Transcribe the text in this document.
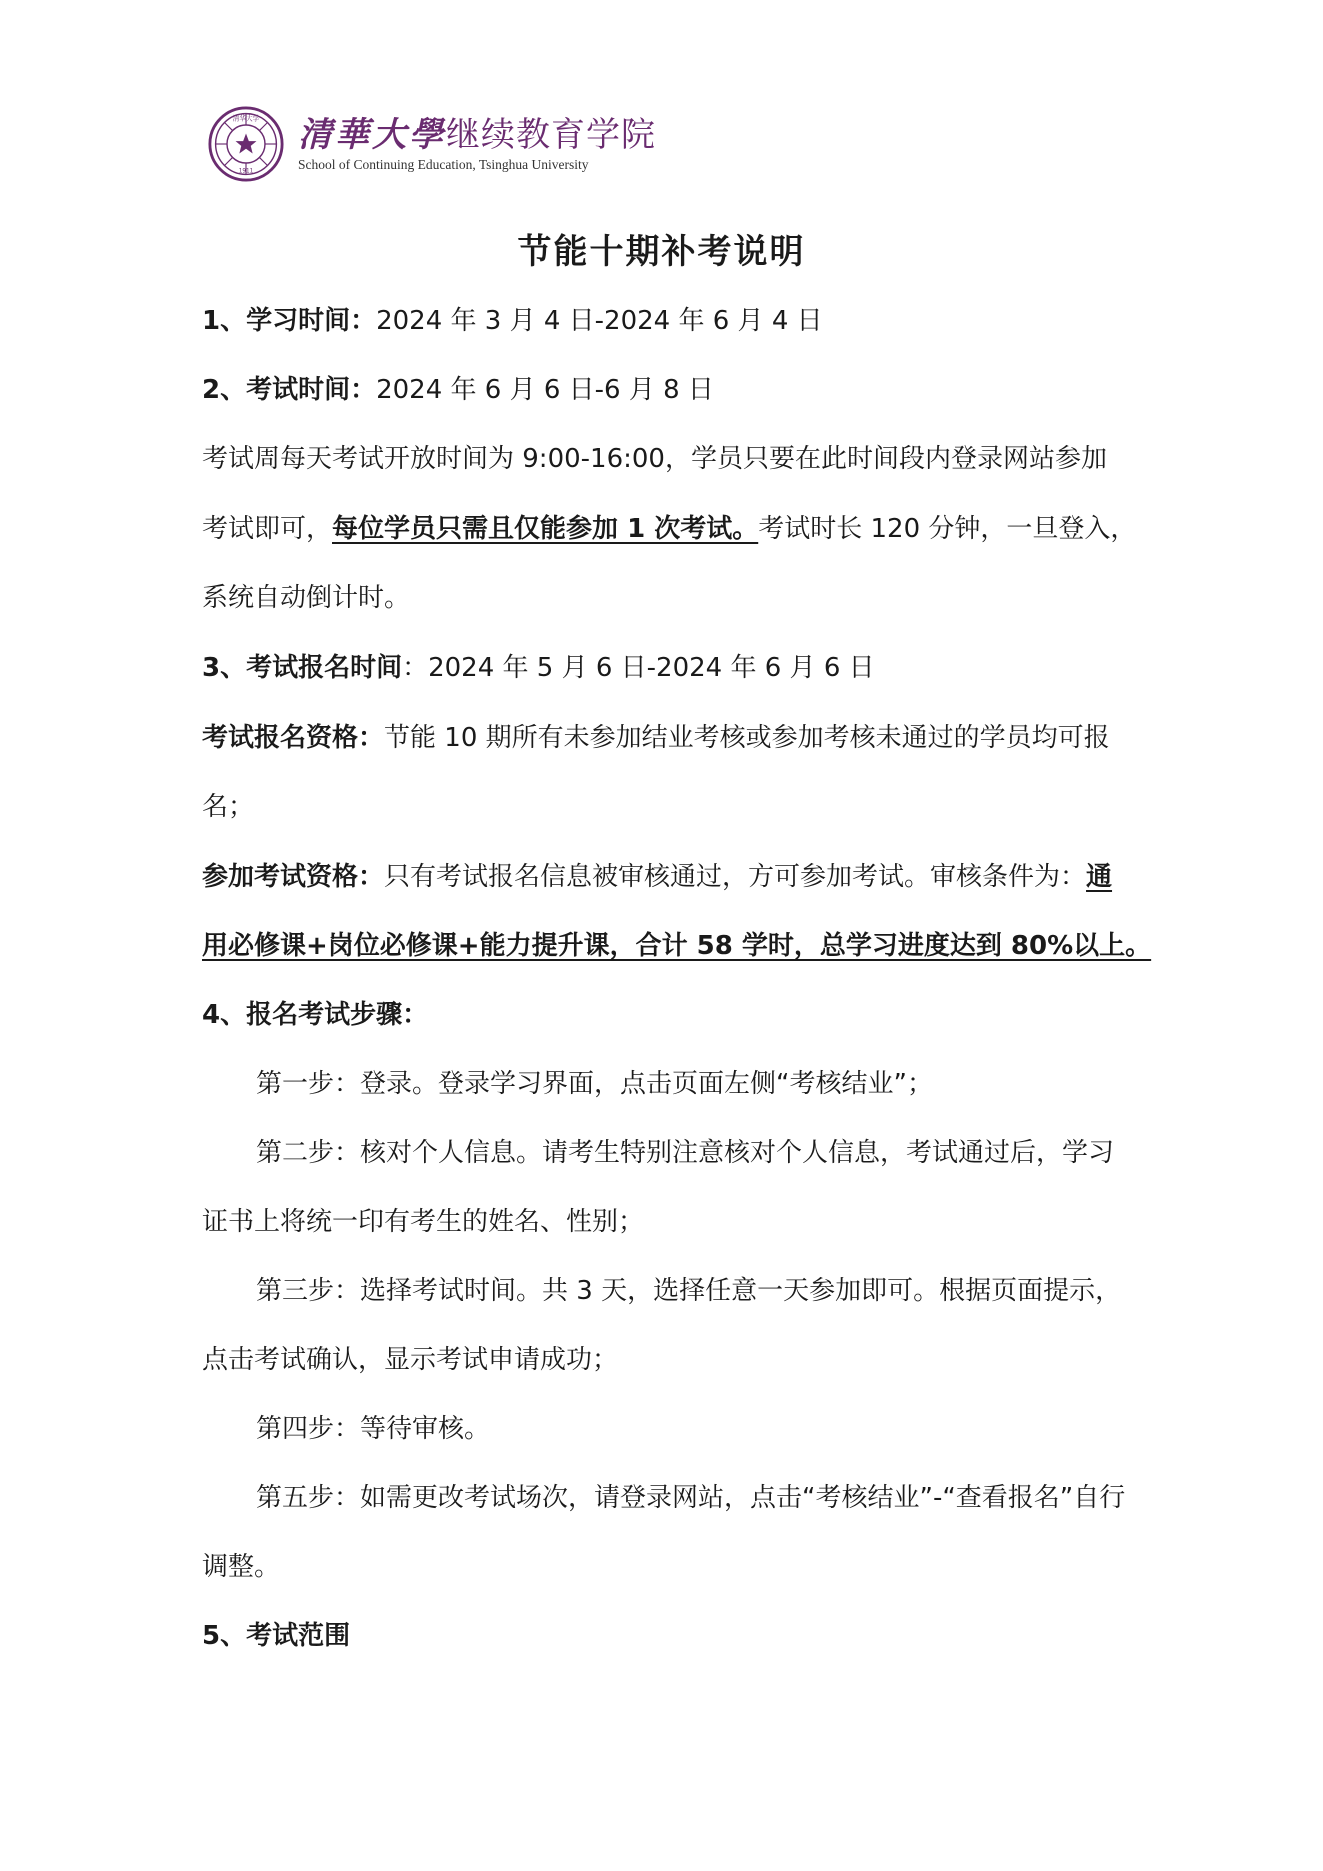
清华大学
1911
清華大學继续教育学院
School of Continuing Education, Tsinghua University
节能十期补考说明
1、学习时间：2024 年 3 月 4 日-2024 年 6 月 4 日
2、考试时间：2024 年 6 月 6 日-6 月 8 日
考试周每天考试开放时间为 9:00-16:00，学员只要在此时间段内登录网站参加
考试即可，每位学员只需且仅能参加 1 次考试。考试时长 120 分钟，一旦登入，
系统自动倒计时。
3、考试报名时间：2024 年 5 月 6 日-2024 年 6 月 6 日
考试报名资格：节能 10 期所有未参加结业考核或参加考核未通过的学员均可报
名；
参加考试资格：只有考试报名信息被审核通过，方可参加考试。审核条件为：通
用必修课+岗位必修课+能力提升课，合计 58 学时，总学习进度达到 80%以上。
4、报名考试步骤：
第一步：登录。登录学习界面，点击页面左侧“考核结业”；
第二步：核对个人信息。请考生特别注意核对个人信息，考试通过后，学习
证书上将统一印有考生的姓名、性别；
第三步：选择考试时间。共 3 天，选择任意一天参加即可。根据页面提示，
点击考试确认，显示考试申请成功；
第四步：等待审核。
第五步：如需更改考试场次，请登录网站，点击“考核结业”-“查看报名”自行
调整。
5、考试范围
